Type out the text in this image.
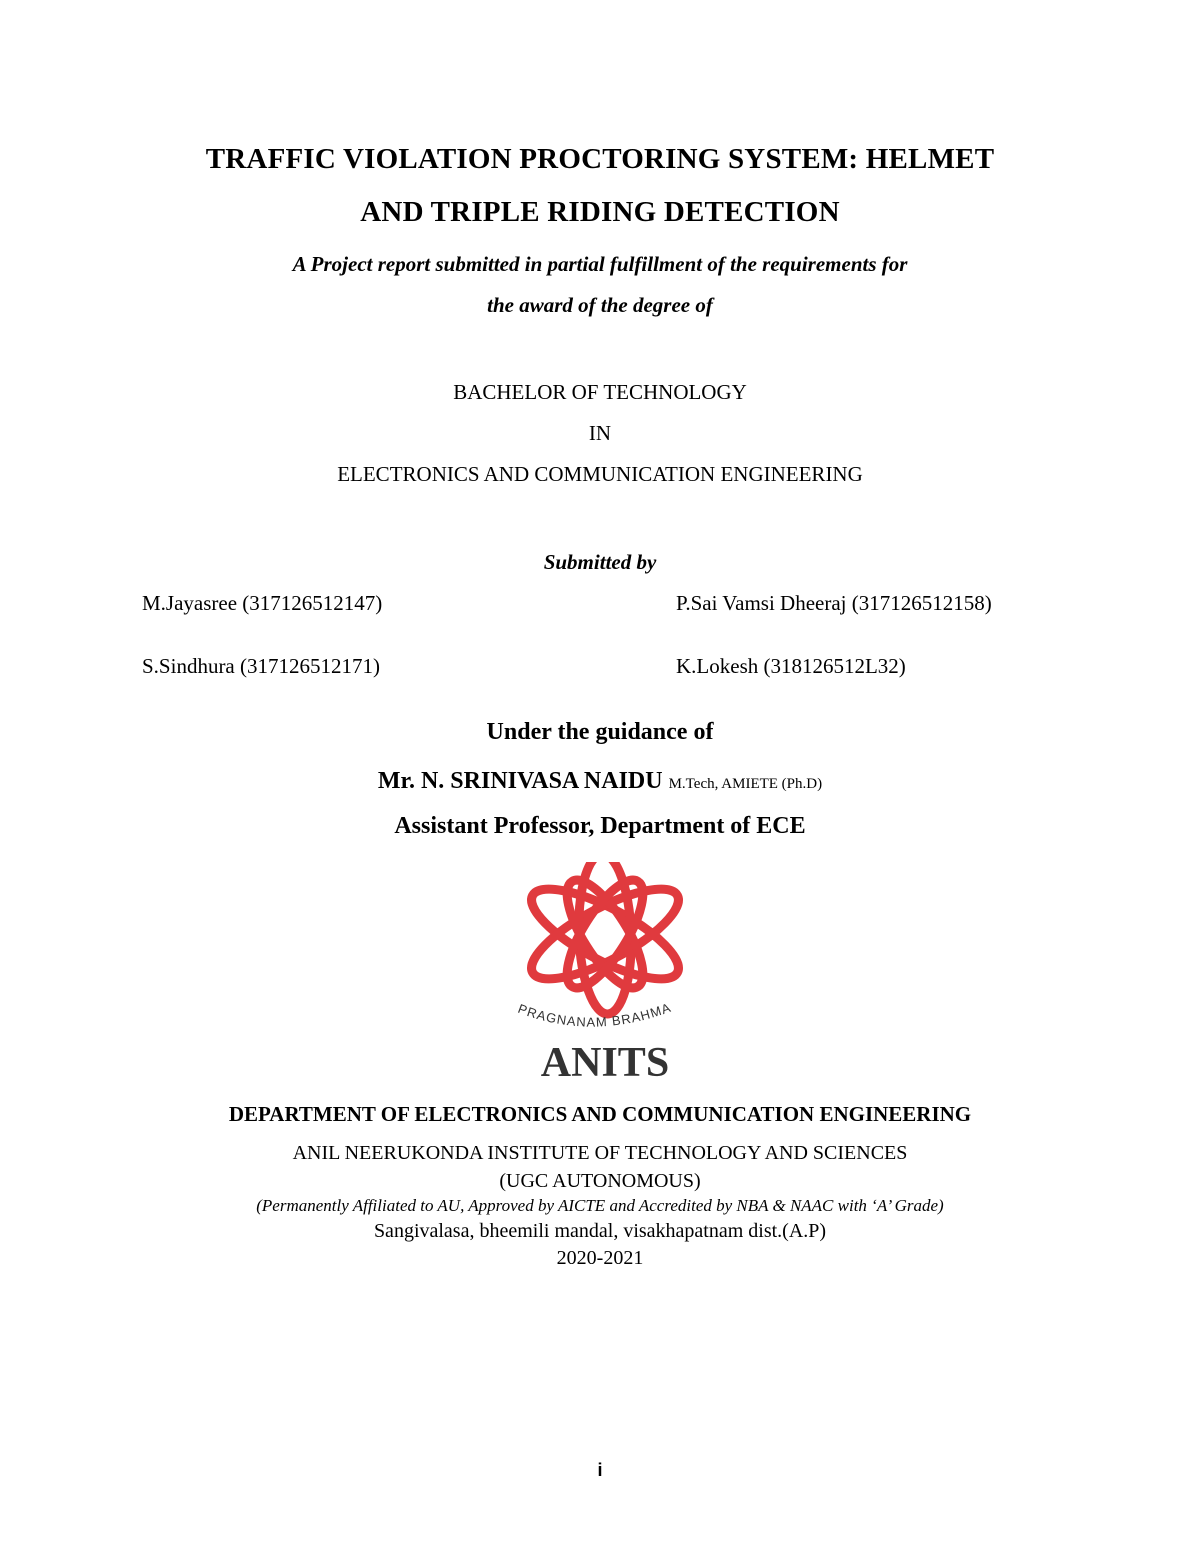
TRAFFIC VIOLATION PROCTORING SYSTEM: HELMET
AND TRIPLE RIDING DETECTION
A Project report submitted in partial fulfillment of the requirements for
the award of the degree of
BACHELOR OF TECHNOLOGY
IN
ELECTRONICS AND COMMUNICATION ENGINEERING
Submitted by
M.Jayasree (317126512147)	P.Sai Vamsi Dheeraj (317126512158)
S.Sindhura (317126512171)	K.Lokesh (318126512L32)
Under the guidance of
Mr. N. SRINIVASA NAIDU M.Tech, AMIETE (Ph.D)
Assistant Professor, Department of ECE
PRAGNANAM BRAHMA
ANITS
DEPARTMENT OF ELECTRONICS AND COMMUNICATION ENGINEERING
ANIL NEERUKONDA INSTITUTE OF TECHNOLOGY AND SCIENCES
(UGC AUTONOMOUS)
(Permanently Affiliated to AU, Approved by AICTE and Accredited by NBA & NAAC with ‘A’ Grade)
Sangivalasa, bheemili mandal, visakhapatnam dist.(A.P)
2020-2021
i
